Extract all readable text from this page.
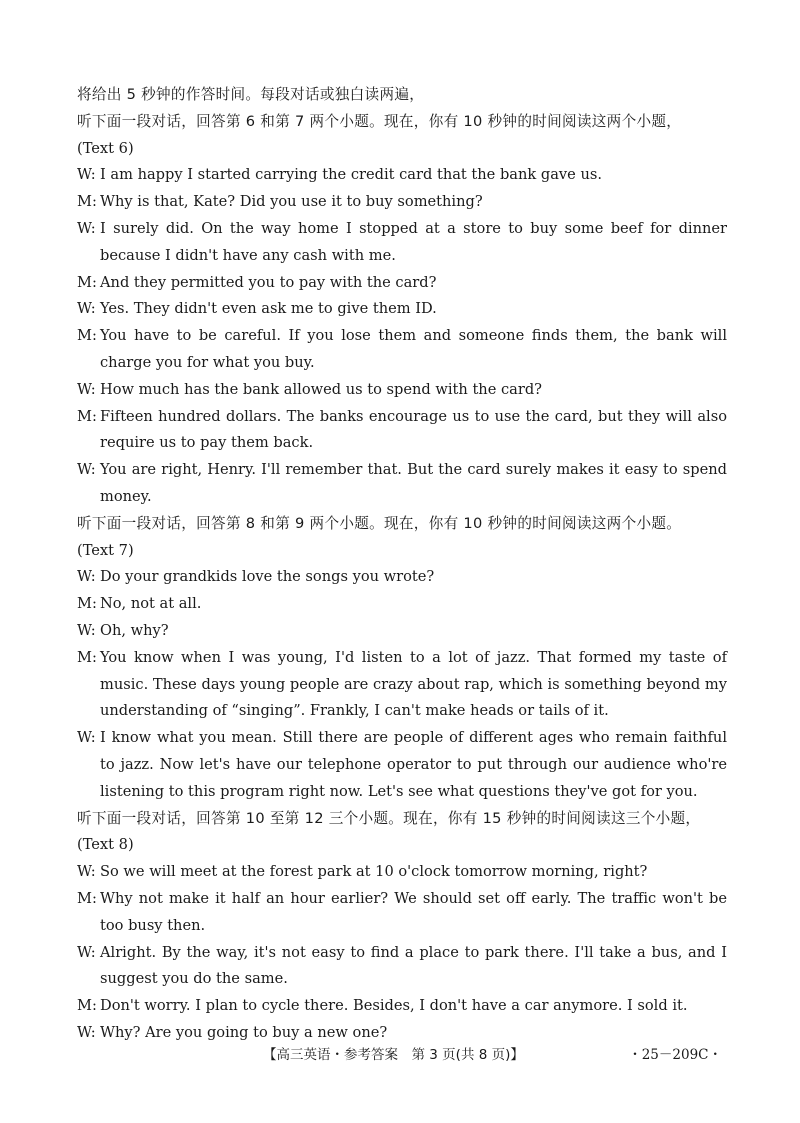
将给出 5 秒钟的作答时间。每段对话或独白读两遍，
听下面一段对话，回答第 6 和第 7 两个小题。现在，你有 10 秒钟的时间阅读这两个小题，
(Text 6)
W: I am happy I started carrying the credit card that the bank gave us.
M: Why is that, Kate? Did you use it to buy something?
W: I surely did. On the way home I stopped at a store to buy some beef for dinner because I didn't have any cash with me.
M: And they permitted you to pay with the card?
W: Yes. They didn't even ask me to give them ID.
M: You have to be careful. If you lose them and someone finds them, the bank will charge you for what you buy.
W: How much has the bank allowed us to spend with the card?
M: Fifteen hundred dollars. The banks encourage us to use the card, but they will also require us to pay them back.
W: You are right, Henry. I'll remember that. But the card surely makes it easy to spend money.
听下面一段对话，回答第 8 和第 9 两个小题。现在，你有 10 秒钟的时间阅读这两个小题。
(Text 7)
W: Do your grandkids love the songs you wrote?
M: No, not at all.
W: Oh, why?
M: You know when I was young, I'd listen to a lot of jazz. That formed my taste of music. These days young people are crazy about rap, which is something beyond my understanding of “singing”. Frankly, I can't make heads or tails of it.
W: I know what you mean. Still there are people of different ages who remain faithful to jazz. Now let's have our telephone operator to put through our audience who're listening to this program right now. Let's see what questions they've got for you.
听下面一段对话，回答第 10 至第 12 三个小题。现在，你有 15 秒钟的时间阅读这三个小题，
(Text 8)
W: So we will meet at the forest park at 10 o'clock tomorrow morning, right?
M: Why not make it half an hour earlier? We should set off early. The traffic won't be too busy then.
W: Alright. By the way, it's not easy to find a place to park there. I'll take a bus, and I suggest you do the same.
M: Don't worry. I plan to cycle there. Besides, I don't have a car anymore. I sold it.
W: Why? Are you going to buy a new one?
【高三英语・参考答案　第 3 页(共 8 页)】	・25－209C・
